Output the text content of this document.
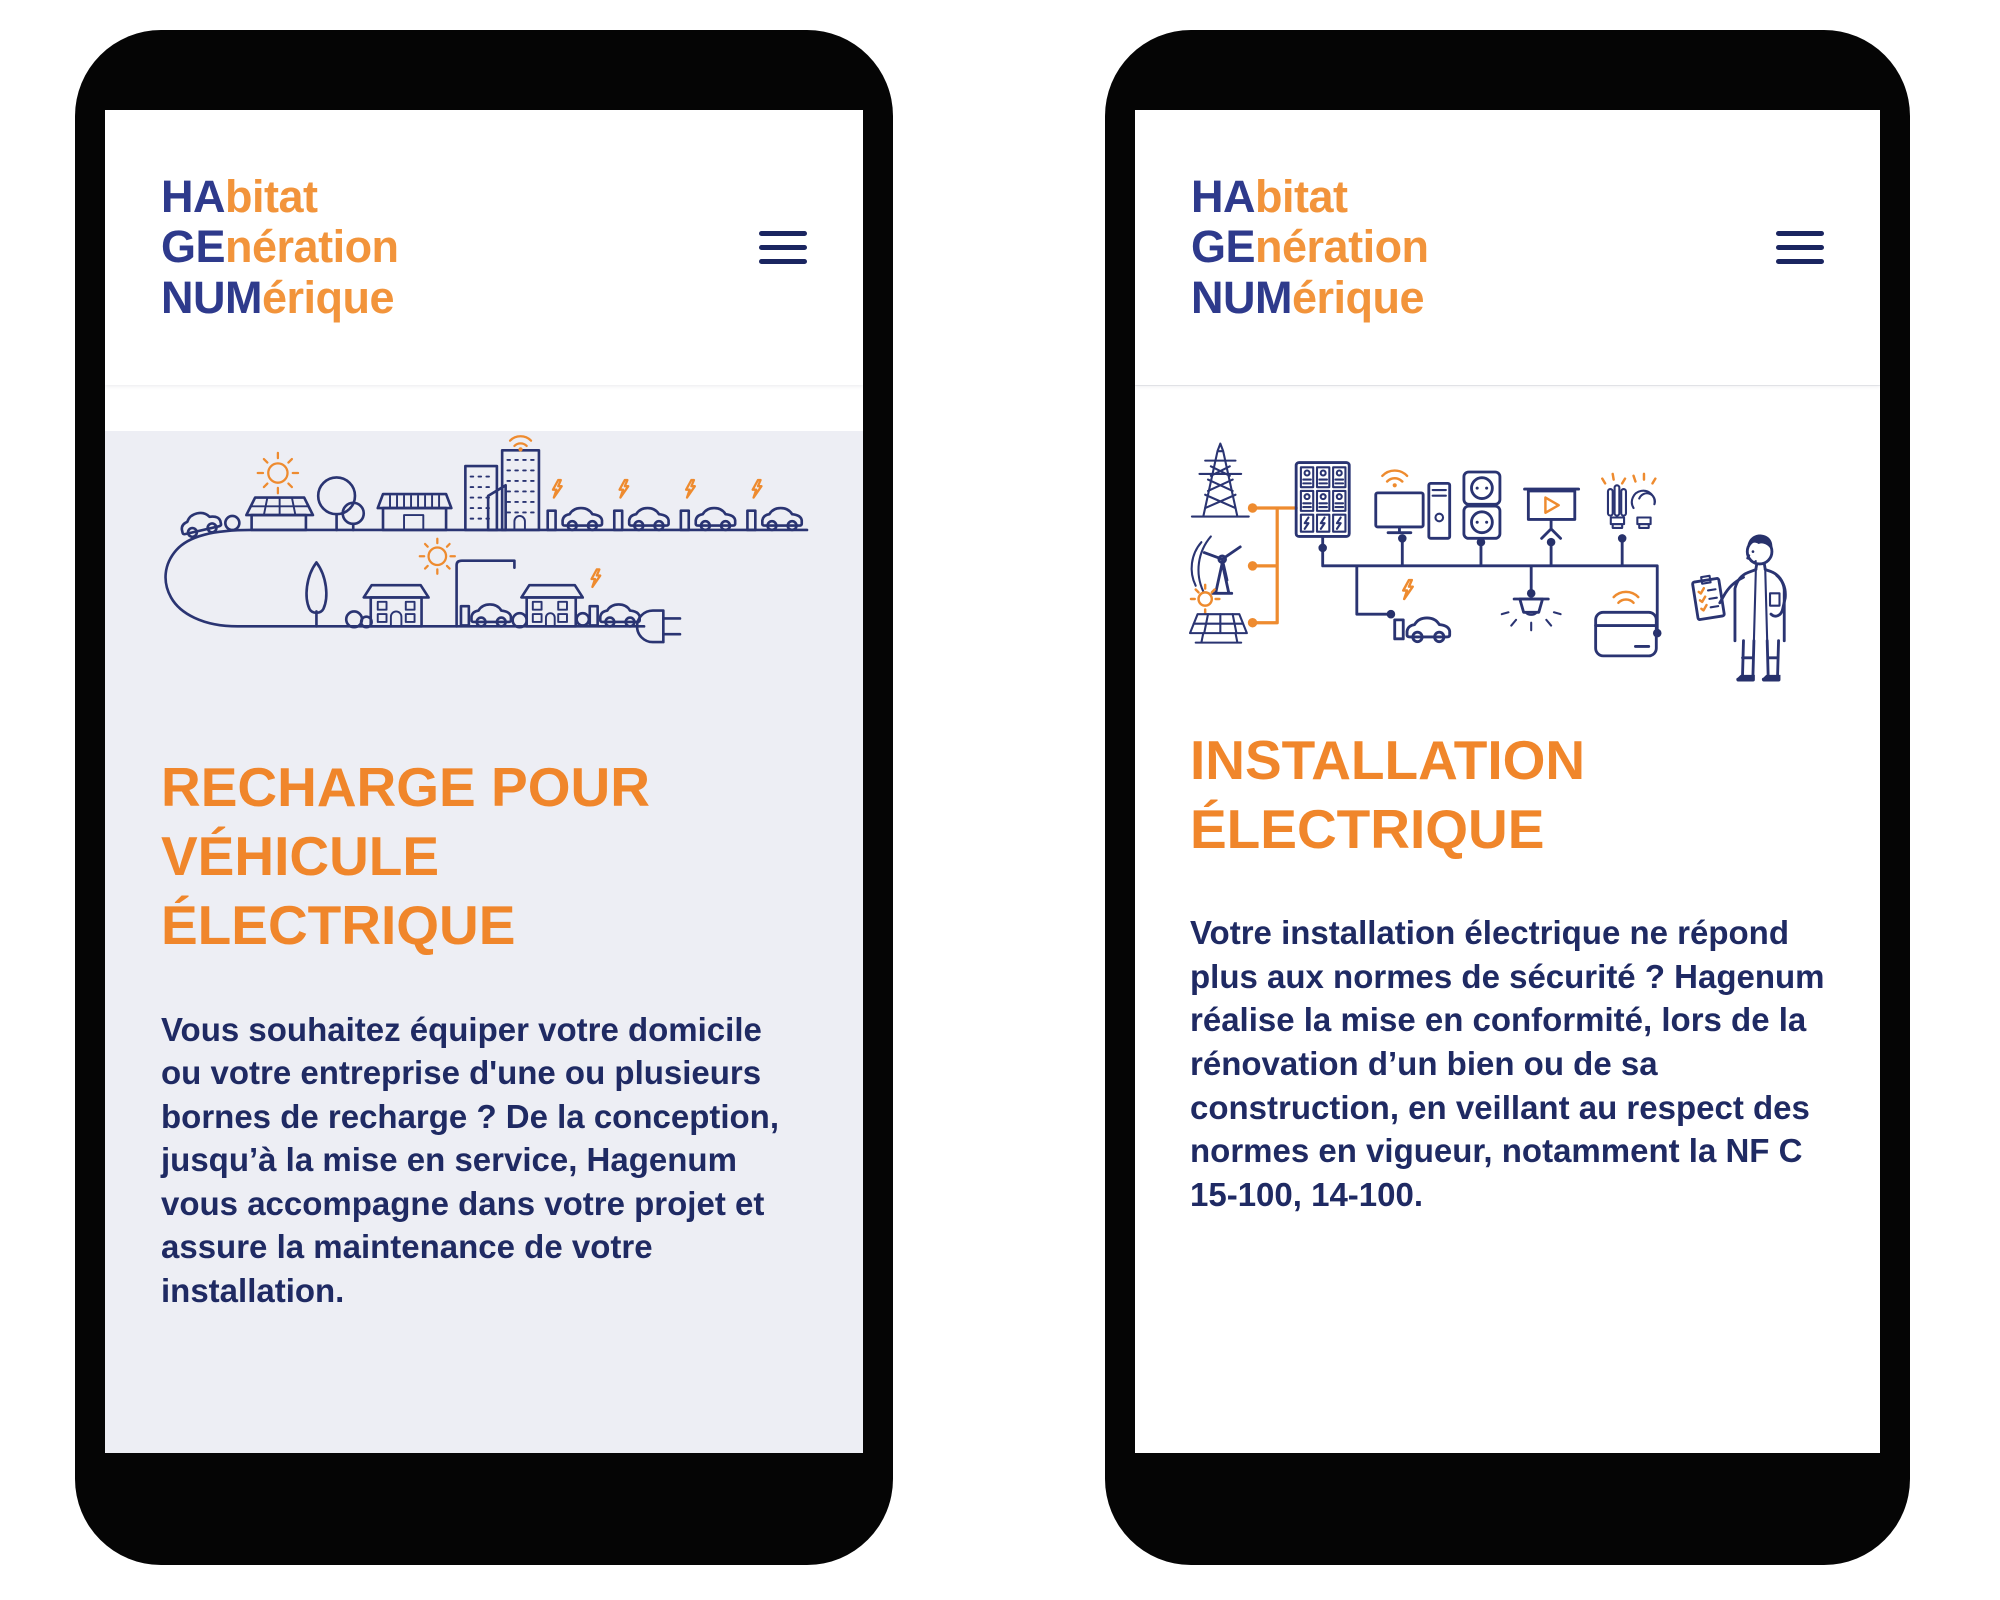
HAbitat
GEnération
NUMérique
RECHARGE POUR
VÉHICULE ÉLECTRIQUE
Vous souhaitez équiper votre domicile ou votre entreprise d'une ou plusieurs bornes de recharge ? De la conception, jusqu’à la mise en service, Hagenum vous accompagne dans votre projet et assure la maintenance de votre installation.
HAbitat
GEnération
NUMérique
INSTALLATION
ÉLECTRIQUE
Votre installation électrique ne répond plus aux normes de sécurité ? Hagenum réalise la mise en conformité, lors de la rénovation d’un bien ou de sa construction, en veillant au respect des normes en vigueur, notamment la NF C 15-100, 14-100.
